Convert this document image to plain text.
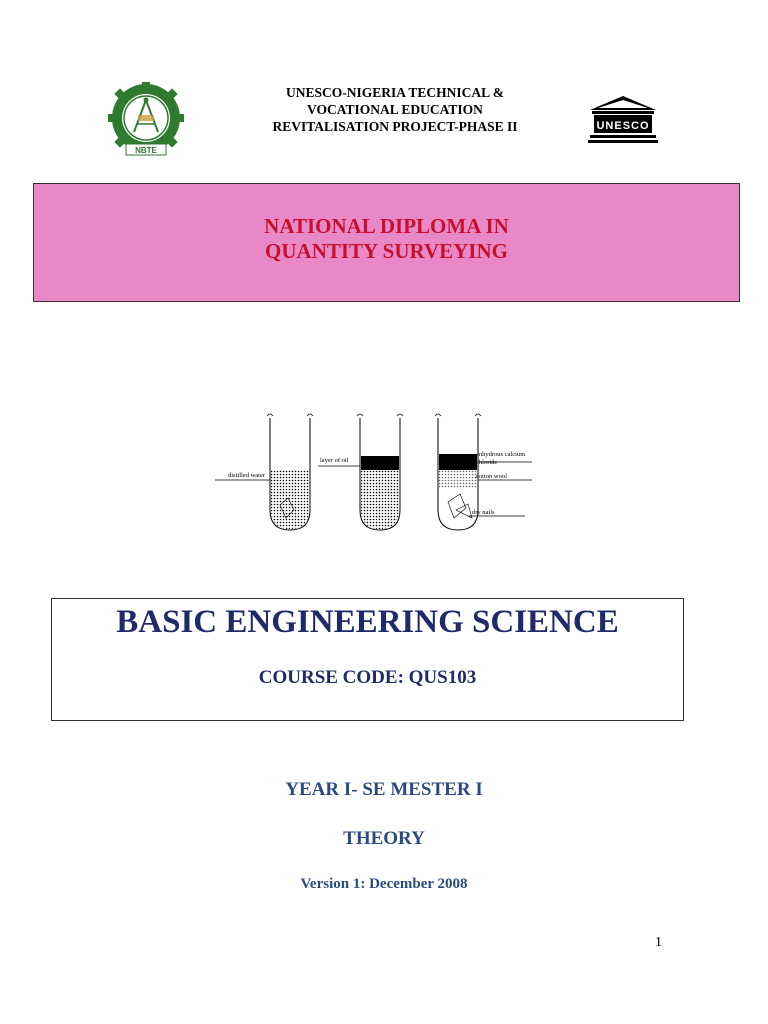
UNESCO-NIGERIA TECHNICAL &
VOCATIONAL EDUCATION
REVITALISATION PROJECT-PHASE II
NBTE
UNESCO
NATIONAL DIPLOMA IN
QUANTITY SURVEYING
distilled water
layer of oil
anhydrous calcium
chloride
cotton wool
dry nails
BASIC ENGINEERING SCIENCE
COURSE CODE: QUS103
YEAR I- SE MESTER I
THEORY
Version 1: December 2008
1
